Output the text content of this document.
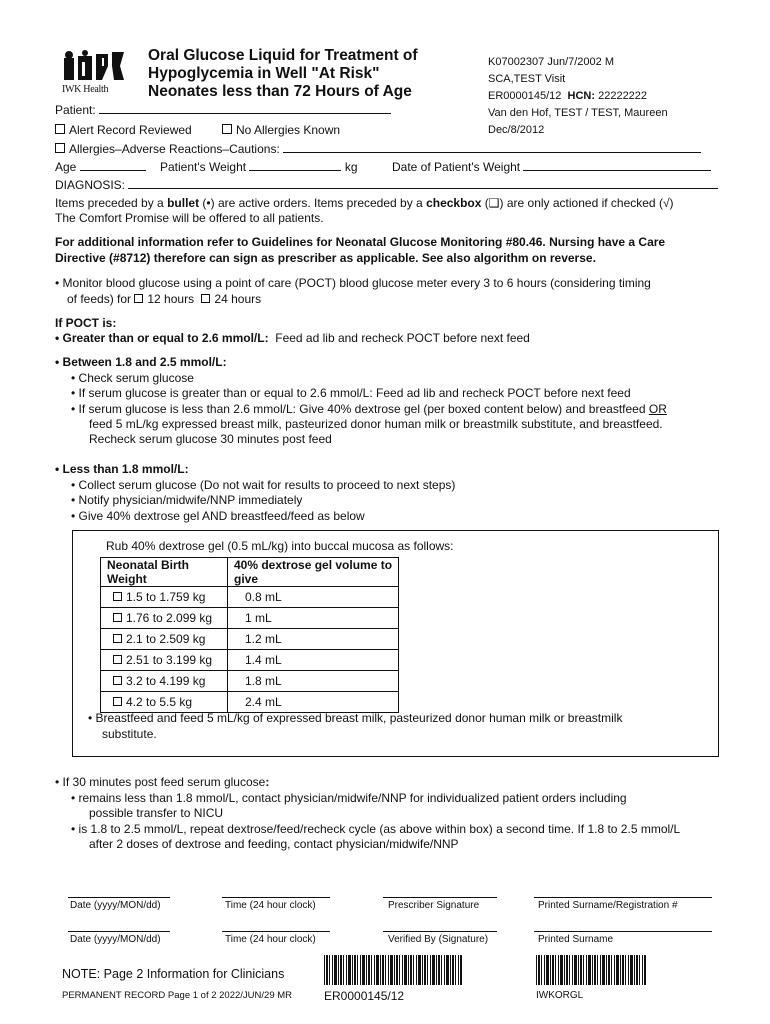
IWK Health
Oral Glucose Liquid for Treatment of
Hypoglycemia in Well "At Risk"
Neonates less than 72 Hours of Age
K07002307 Jun/7/2002 M
SCA,TEST Visit
ER0000145/12 HCN: 22222222
Van den Hof, TEST / TEST, Maureen
Dec/8/2012
Patient:
Alert Record Reviewed	No Allergies Known
Allergies–Adverse Reactions–Cautions:
Age	Patient's Weight	kg	Date of Patient's Weight
DIAGNOSIS:
Items preceded by a bullet (•) are active orders. Items preceded by a checkbox (❑) are only actioned if checked (√)
The Comfort Promise will be offered to all patients.
For additional information refer to Guidelines for Neonatal Glucose Monitoring #80.46. Nursing have a Care
Directive (#8712) therefore can sign as prescriber as applicable. See also algorithm on reverse.
• Monitor blood glucose using a point of care (POCT) blood glucose meter every 3 to 6 hours (considering timing
of feeds) for 12 hours 24 hours
If POCT is:
• Greater than or equal to 2.6 mmol/L: Feed ad lib and recheck POCT before next feed
• Between 1.8 and 2.5 mmol/L:
• Check serum glucose
• If serum glucose is greater than or equal to 2.6 mmol/L: Feed ad lib and recheck POCT before next feed
• If serum glucose is less than 2.6 mmol/L: Give 40% dextrose gel (per boxed content below) and breastfeed OR
feed 5 mL/kg expressed breast milk, pasteurized donor human milk or breastmilk substitute, and breastfeed.
Recheck serum glucose 30 minutes post feed
• Less than 1.8 mmol/L:
• Collect serum glucose (Do not wait for results to proceed to next steps)
• Notify physician/midwife/NNP immediately
• Give 40% dextrose gel AND breastfeed/feed as below
Rub 40% dextrose gel (0.5 mL/kg) into buccal mucosa as follows:
Neonatal Birth Weight	40% dextrose gel volume to give
1.5 to 1.759 kg	0.8 mL
1.76 to 2.099 kg	1 mL
2.1 to 2.509 kg	1.2 mL
2.51 to 3.199 kg	1.4 mL
3.2 to 4.199 kg	1.8 mL
4.2 to 5.5 kg	2.4 mL
• Breastfeed and feed 5 mL/kg of expressed breast milk, pasteurized donor human milk or breastmilk
substitute.
• If 30 minutes post feed serum glucose:
• remains less than 1.8 mmol/L, contact physician/midwife/NNP for individualized patient orders including
possible transfer to NICU
• is 1.8 to 2.5 mmol/L, repeat dextrose/feed/recheck cycle (as above within box) a second time. If 1.8 to 2.5 mmol/L
after 2 doses of dextrose and feeding, contact physician/midwife/NNP
Date (yyyy/MON/dd)	Time (24 hour clock)	Prescriber Signature	Printed Surname/Registration #
Date (yyyy/MON/dd)	Time (24 hour clock)	Verified By (Signature)	Printed Surname
NOTE: Page 2 Information for Clinicians
PERMANENT RECORD Page 1 of 2 2022/JUN/29 MR	ER0000145/12	IWKORGL
